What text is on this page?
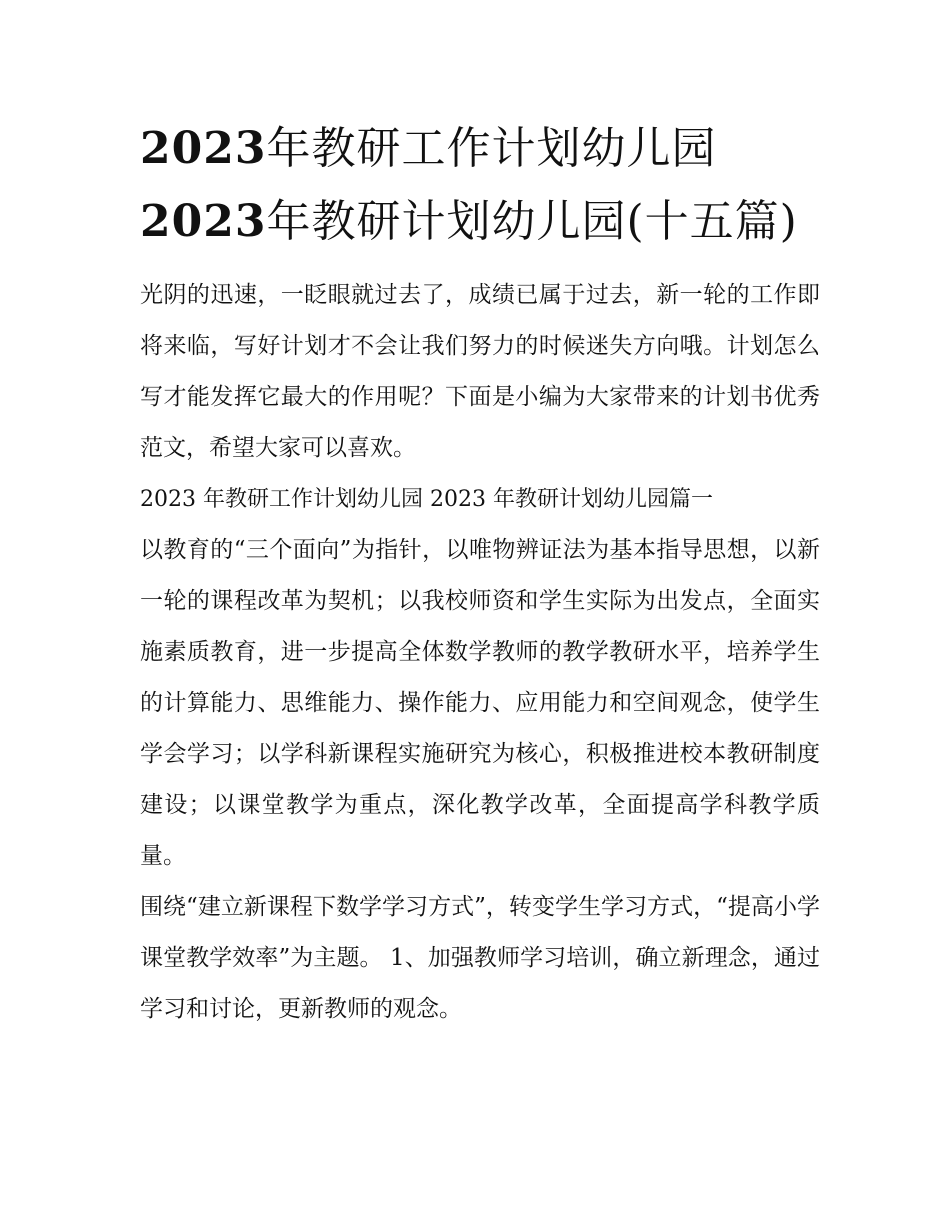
2023年教研工作计划幼儿园
2023年教研计划幼儿园(十五篇)

光阴的迅速，一眨眼就过去了，成绩已属于过去，新一轮的工作即将来临，写好计划才不会让我们努力的时候迷失方向哦。计划怎么写才能发挥它最大的作用呢？下面是小编为大家带来的计划书优秀范文，希望大家可以喜欢。

2023 年教研工作计划幼儿园 2023 年教研计划幼儿园篇一

以教育的“三个面向”为指针，以唯物辨证法为基本指导思想，以新一轮的课程改革为契机；以我校师资和学生实际为出发点，全面实施素质教育，进一步提高全体数学教师的教学教研水平，培养学生的计算能力、思维能力、操作能力、应用能力和空间观念，使学生学会学习；以学科新课程实施研究为核心，积极推进校本教研制度建设；以课堂教学为重点，深化教学改革，全面提高学科教学质量。

围绕“建立新课程下数学学习方式”，转变学生学习方式，“提高小学课堂教学效率”为主题。 1、加强教师学习培训，确立新理念，通过学习和讨论，更新教师的观念。
